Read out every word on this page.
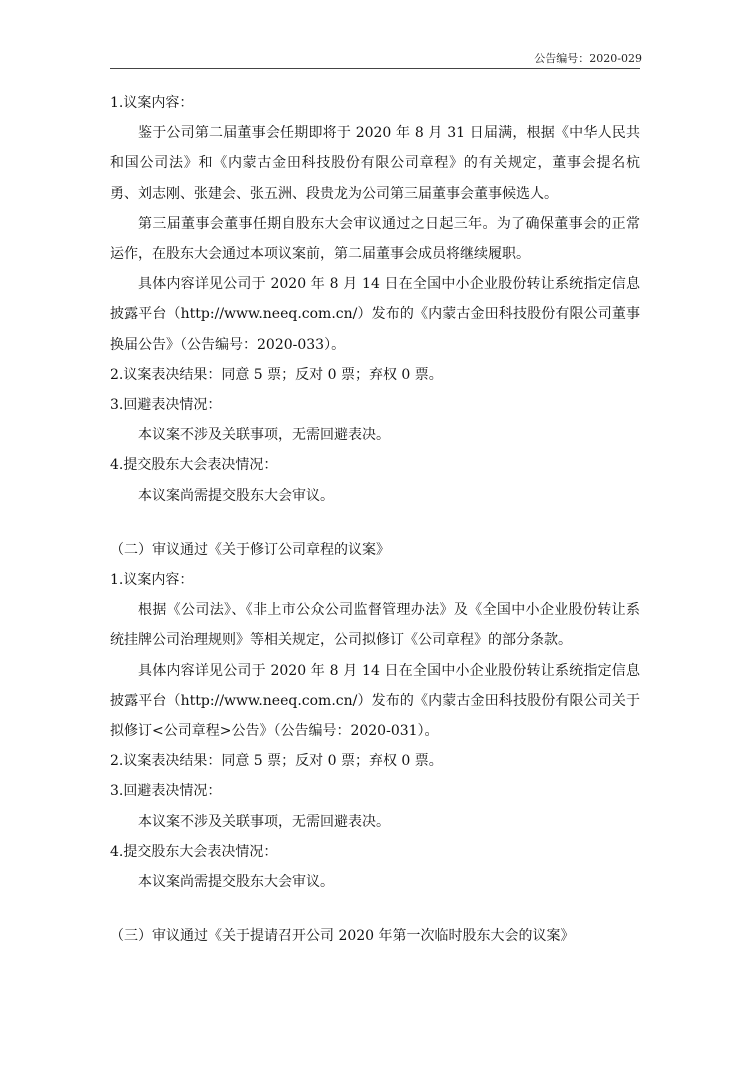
公告编号：2020-029

1.议案内容：

鉴于公司第二届董事会任期即将于 2020 年 8 月 31 日届满，根据《中华人民共和国公司法》和《内蒙古金田科技股份有限公司章程》的有关规定，董事会提名杭勇、刘志刚、张建会、张五洲、段贵龙为公司第三届董事会董事候选人。

第三届董事会董事任期自股东大会审议通过之日起三年。为了确保董事会的正常运作，在股东大会通过本项议案前，第二届董事会成员将继续履职。

具体内容详见公司于 2020 年 8 月 14 日在全国中小企业股份转让系统指定信息披露平台（http://www.neeq.com.cn/）发布的《内蒙古金田科技股份有限公司董事换届公告》（公告编号：2020-033）。

2.议案表决结果：同意 5 票；反对 0 票；弃权 0 票。

3.回避表决情况：

本议案不涉及关联事项，无需回避表决。

4.提交股东大会表决情况：

本议案尚需提交股东大会审议。

（二）审议通过《关于修订公司章程的议案》

1.议案内容：

根据《公司法》、《非上市公众公司监督管理办法》及《全国中小企业股份转让系统挂牌公司治理规则》等相关规定，公司拟修订《公司章程》的部分条款。

具体内容详见公司于 2020 年 8 月 14 日在全国中小企业股份转让系统指定信息披露平台（http://www.neeq.com.cn/）发布的《内蒙古金田科技股份有限公司关于拟修订<公司章程>公告》（公告编号：2020-031）。

2.议案表决结果：同意 5 票；反对 0 票；弃权 0 票。

3.回避表决情况：

本议案不涉及关联事项，无需回避表决。

4.提交股东大会表决情况：

本议案尚需提交股东大会审议。

（三）审议通过《关于提请召开公司 2020 年第一次临时股东大会的议案》
